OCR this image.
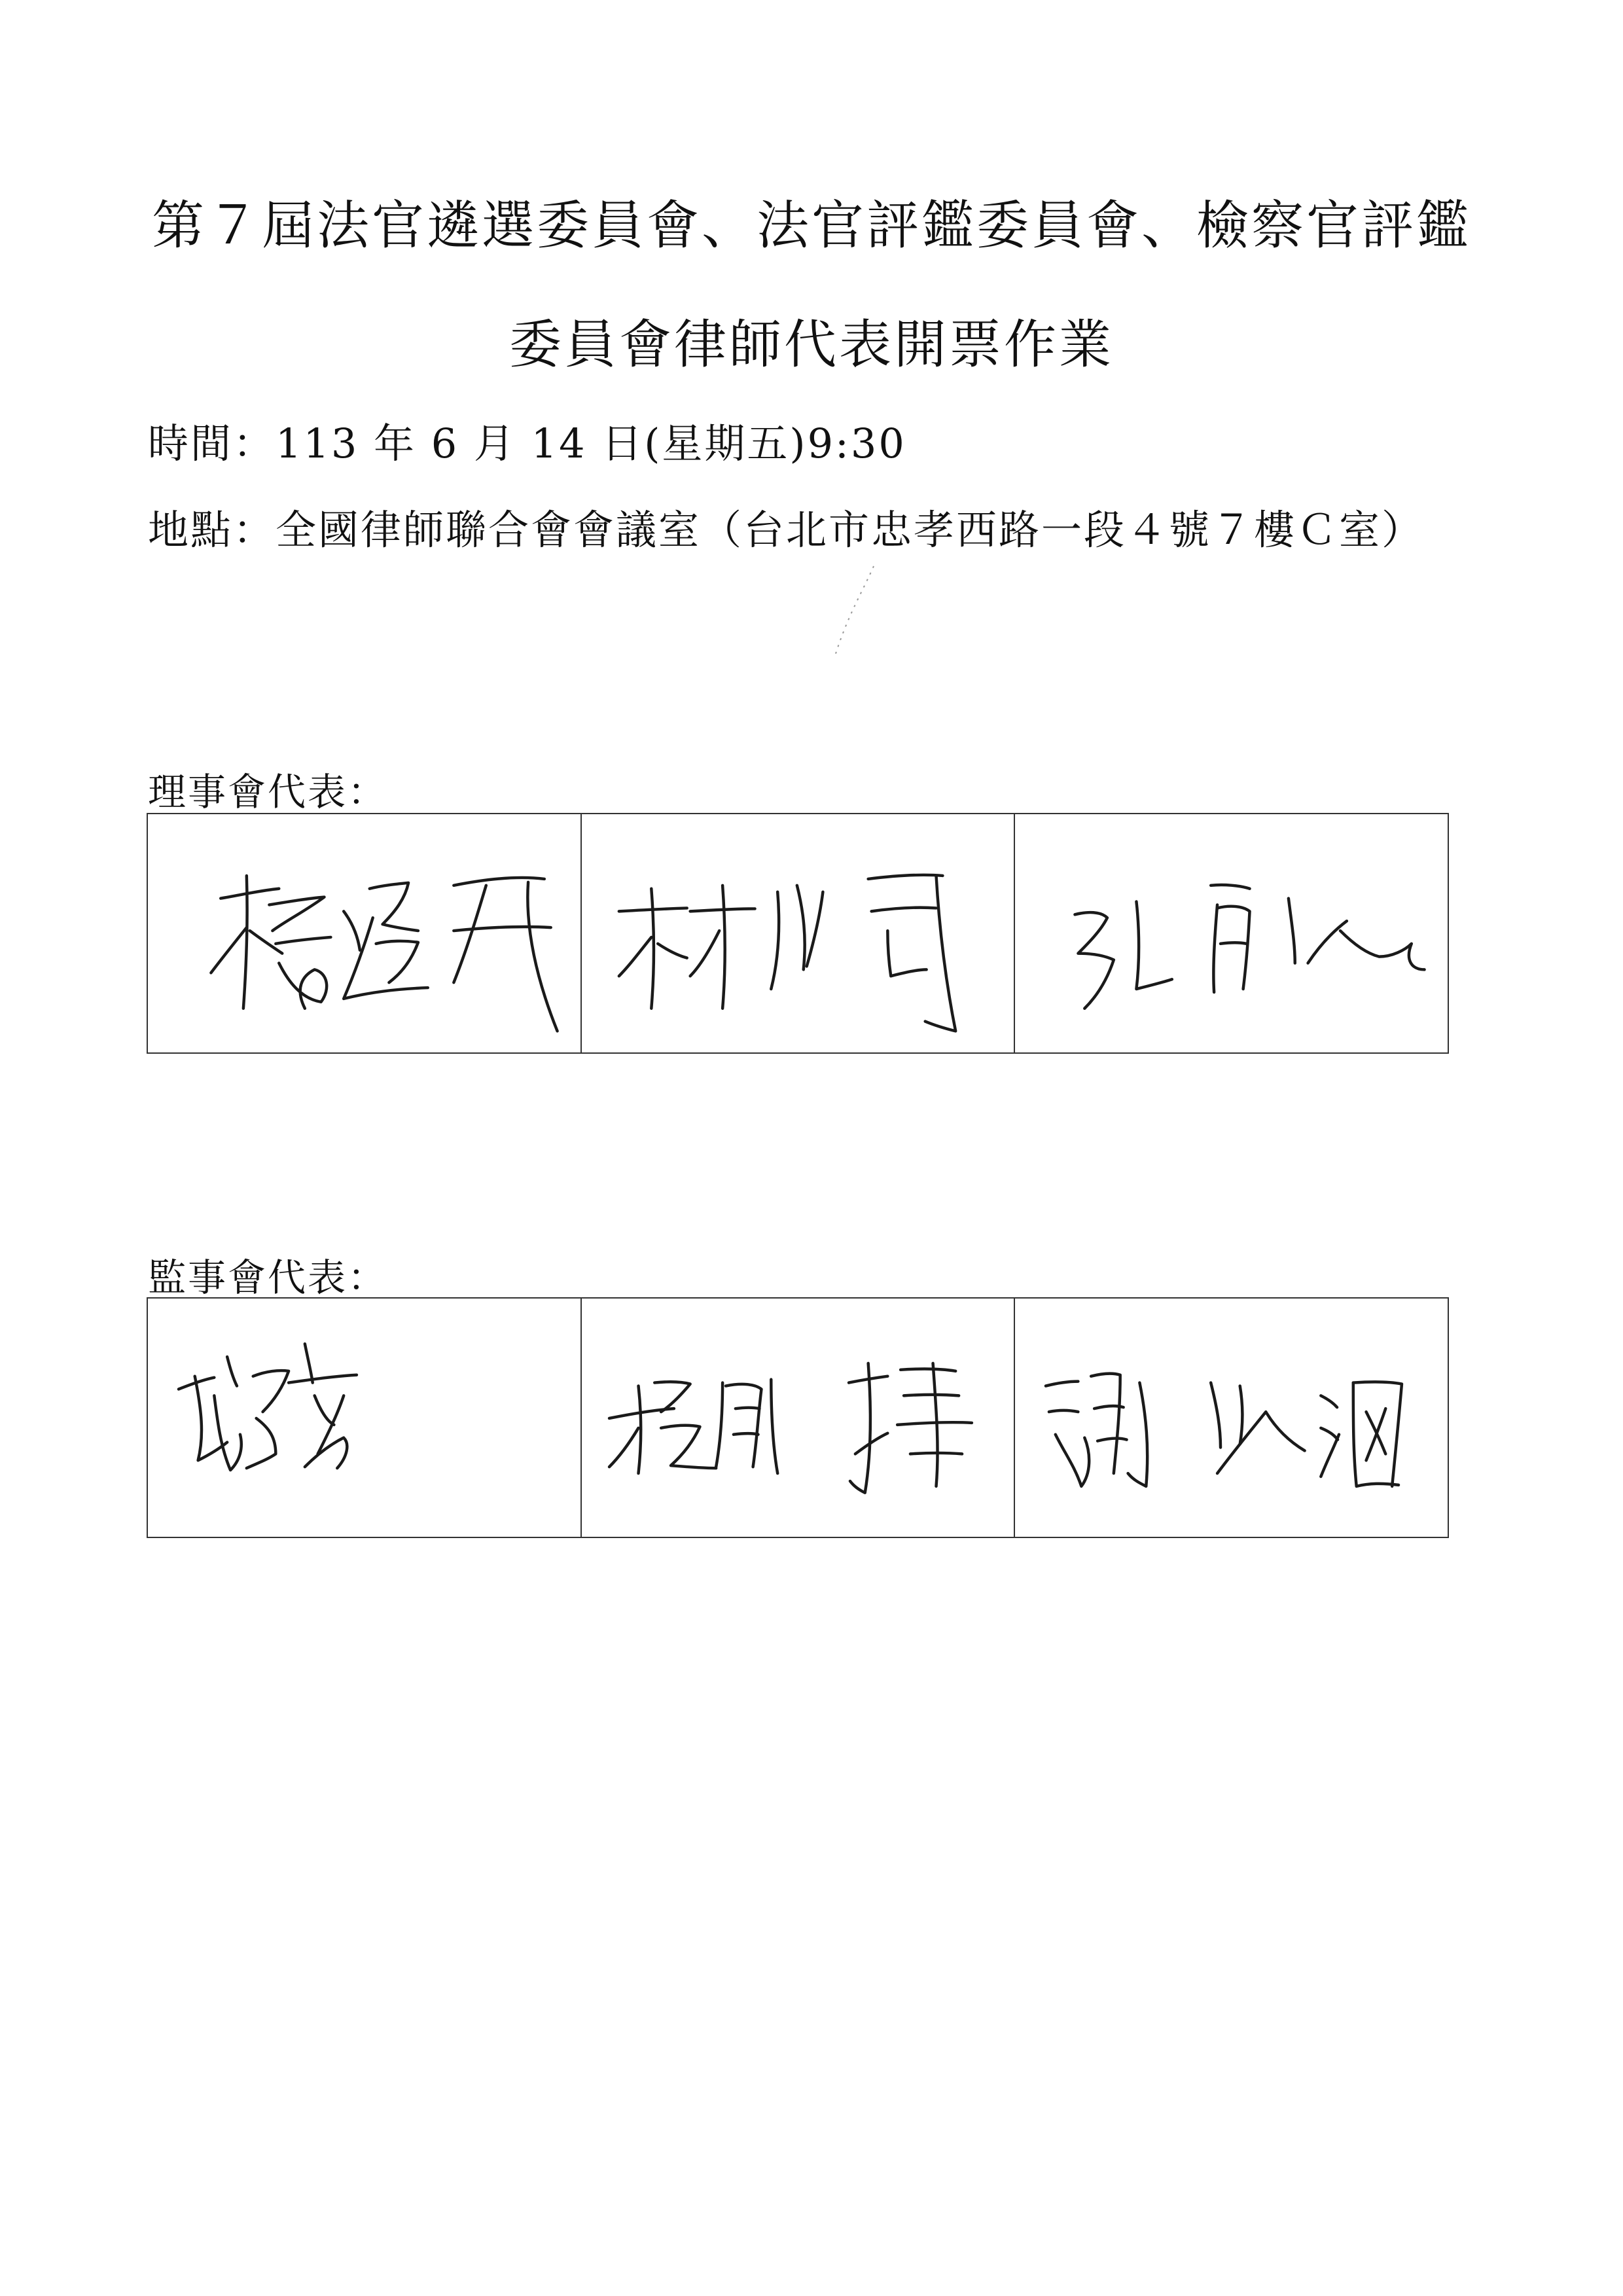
第７屆法官遴選委員會、法官評鑑委員會、檢察官評鑑
委員會律師代表開票作業
時間：113 年 6 月 14 日(星期五)9:30
地點：全國律師聯合會會議室（台北市忠孝西路一段４號７樓Ｃ室）
理事會代表：
監事會代表：
